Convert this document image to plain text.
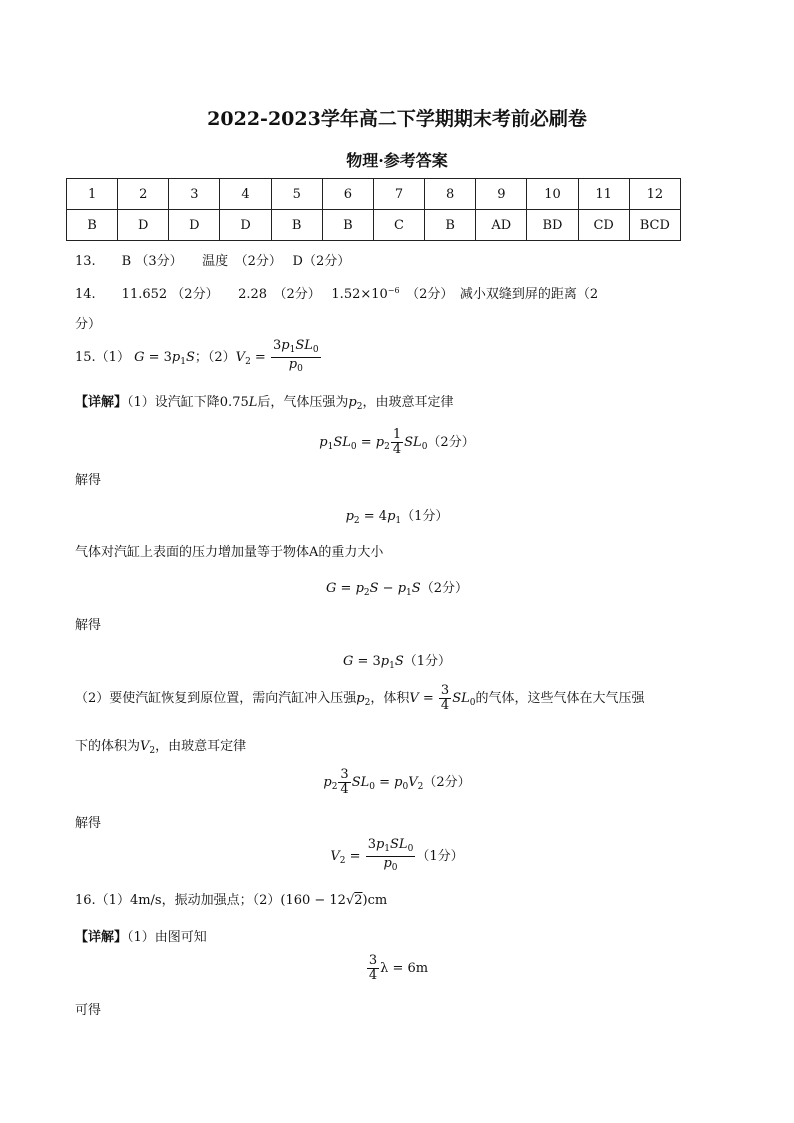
2022-2023学年高二下学期期末考前必刷卷
物理·参考答案
1	2	3	4	5	6	7	8	9	10	11	12
B	D	D	D	B	B	C	B	AD	BD	CD	BCD
13.　　B （3分）　　温度　（2分）　 D（2分）
14.　　11.652 （2分）　　2.28　（2分）　 $1.52\times 10^{-6}$　（2分）　减小双缝到屏的距离（2
分）
15.（1） $G = 3p_1S$；$(2)V_2 = \frac{3p_1SL_0}{p_0}$
【详解】（1）设汽缸下降0.75L后，气体压强为$p_2$，由玻意耳定律
$p_1SL_0 = p_2 \frac{1}{4} SL_0(2$分）
解得
$p_2 = 4p_1(1$分）
气体对汽缸上表面的压力增加量等于物体A的重力大小
$G = p_2S - p_1S(2$分）
解得
$G = 3p_1S(1$分）
（2）要使汽缸恢复到原位置，需向汽缸冲入压强$p_2$，体积$V = \frac{3}{4} SL_0$的气体，这些气体在大气压强
下的体积为$V_2$，由玻意耳定律
$p_2 \frac{3}{4} SL_0 = p_0V_2(2$分）
解得
$V_2 = \frac{3p_1SL_0}{p_0} (1$分）
16.（1）4m/s，振动加强点；（2）(160 − 12√2)cm
【详解】（1）由图可知
$\frac{3}{4}$ λ = 6m
可得
